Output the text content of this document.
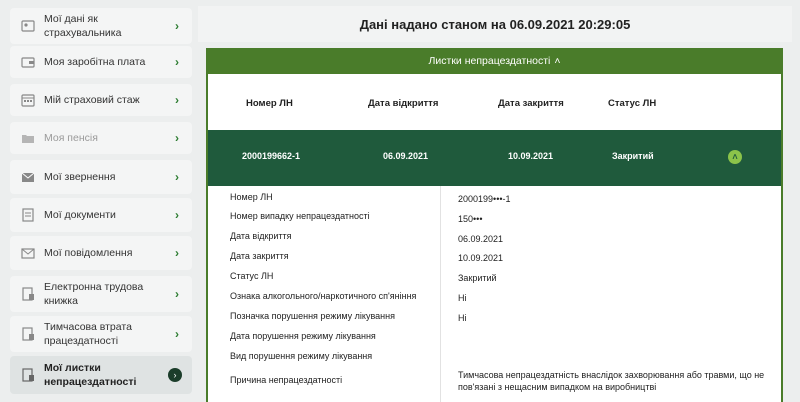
Мої дані як страхувальника	›
Моя заробітна плата	›
Мій страховий стаж	›
Моя пенсія	›
Мої звернення	›
Мої документи	›
Мої повідомлення	›
Електронна трудова книжка	›
Тимчасова втрата працездатності	›
Мої листки непрацездатності
›
Дані надано станом на 06.09.2021 20:29:05
Листки непрацездатності ˄
Номер ЛН	Дата відкриття	Дата закриття	Статус ЛН
2000199662-1	06.09.2021	10.09.2021	Закритий	˄
Номер ЛН	2000199•••-1
Номер випадку непрацездатності	150•••
Дата відкриття	06.09.2021
Дата закриття	10.09.2021
Статус ЛН	Закритий
Ознака алкогольного/наркотичного сп'яніння	Ні
Позначка порушення режиму лікування	Ні
Дата порушення режиму лікування
Вид порушення режиму лікування
Причина непрацездатності	Тимчасова непрацездатність внаслідок захворювання або травми, що не пов'язані з нещасним випадком на виробництві
